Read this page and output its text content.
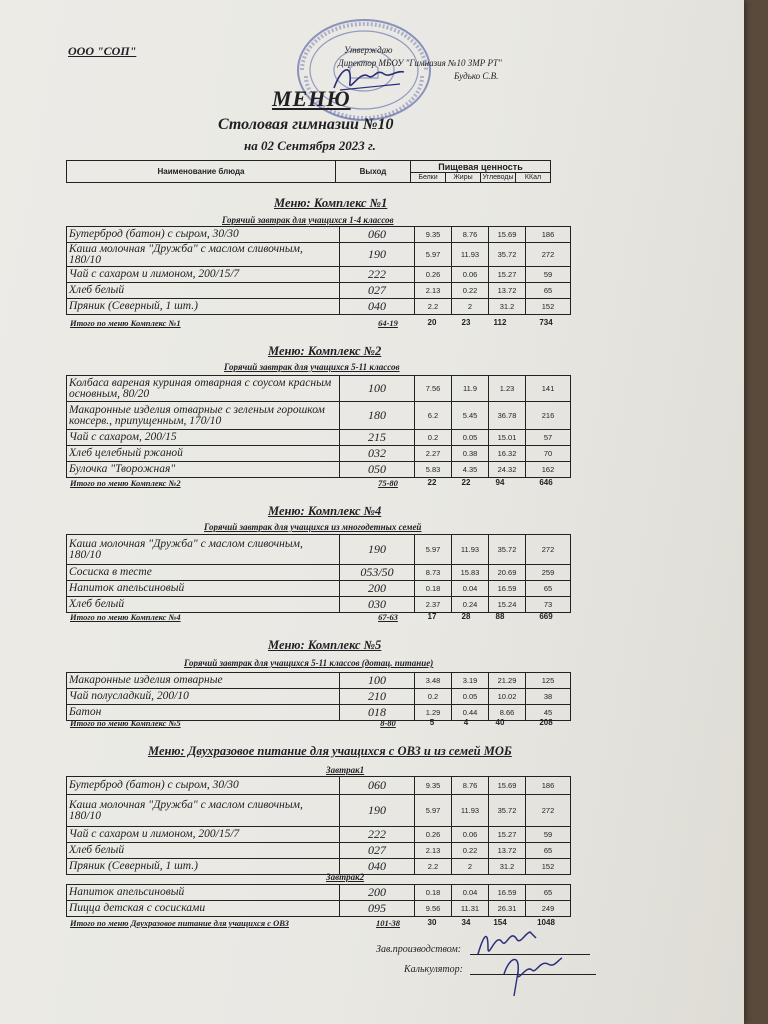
ООО "СОП"	Утверждаю
Директор МБОУ "Гимназия №10 ЗМР РТ"
Будько С.В.
МЕНЮ
Столовая гимназии №10
на 02 Сентября 2023 г.
Наименование блюда	Выход	Пищевая ценность			
		Белки	Жиры	Углеводы	ККал
Меню: Комплекс №1
Горячий завтрак для учащихся 1-4 классов
Бутерброд (батон) с сыром, 30/30	060	9.35	8.76	15.69	186
Каша молочная "Дружба" с маслом сливочным, 180/10	190	5.97	11.93	35.72	272
Чай с сахаром и лимоном, 200/15/7	222	0.26	0.06	15.27	59
Хлеб белый	027	2.13	0.22	13.72	65
Пряник (Северный, 1 шт.)	040	2.2	2	31.2	152
Итого по меню Комплекс №1	64-19	20	23	112	734
Меню: Комплекс №2
Горячий завтрак для учащихся 5-11 классов
Колбаса вареная куриная отварная с соусом красным основным, 80/20	100	7.56	11.9	1.23	141
Макаронные изделия отварные с зеленым горошком консерв., припущенным, 170/10	180	6.2	5.45	36.78	216
Чай с сахаром, 200/15	215	0.2	0.05	15.01	57
Хлеб целебный ржаной	032	2.27	0.38	16.32	70
Булочка "Творожная"	050	5.83	4.35	24.32	162
Итого по меню Комплекс №2	75-80	22	22	94	646
Меню: Комплекс №4
Горячий завтрак для учащихся из многодетных семей
Каша молочная "Дружба" с маслом сливочным, 180/10	190	5.97	11.93	35.72	272
Сосиска в тесте	053/50	8.73	15.83	20.69	259
Напиток апельсиновый	200	0.18	0.04	16.59	65
Хлеб белый	030	2.37	0.24	15.24	73
Итого по меню Комплекс №4	67-63	17	28	88	669
Меню: Комплекс №5
Горячий завтрак для учащихся 5-11 классов (дотац. питание)
Макаронные изделия отварные	100	3.48	3.19	21.29	125
Чай полусладкий, 200/10	210	0.2	0.05	10.02	38
Батон	018	1.29	0.44	8.66	45
Итого по меню Комплекс №5	8-80	5	4	40	208
Меню: Двухразовое питание для учащихся с ОВЗ и из семей МОБ
Завтрак1
Бутерброд (батон) с сыром, 30/30	060	9.35	8.76	15.69	186
Каша молочная "Дружба" с маслом сливочным, 180/10	190	5.97	11.93	35.72	272
Чай с сахаром и лимоном, 200/15/7	222	0.26	0.06	15.27	59
Хлеб белый	027	2.13	0.22	13.72	65
Пряник (Северный, 1 шт.)	040	2.2	2	31.2	152
Завтрак2
Напиток апельсиновый	200	0.18	0.04	16.59	65
Пицца детская с сосисками	095	9.56	11.31	26.31	249
Итого по меню Двухразовое питание для учащихся с ОВЗ	101-38	30	34	154	1048
Зав.производством:
Калькулятор:
